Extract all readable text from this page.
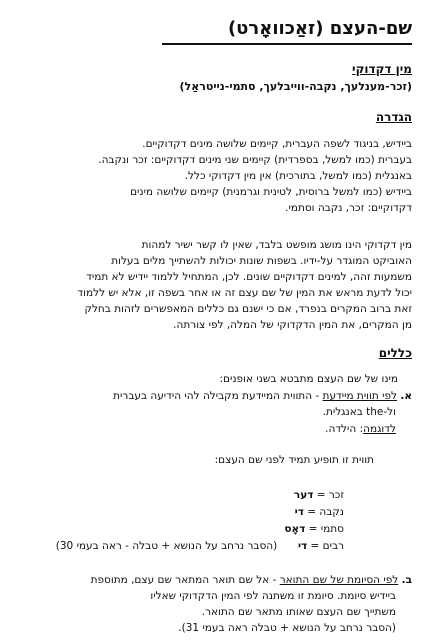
שם-העצם (זאַכוואָרט)
מין דקדוקי
(זכר-מענלעך, נקבה-ווייבלעך, סתמי-נייטראַל)
הגדרה
ביידיש, בניגוד לשפה העברית, קיימים שלושה מינים דקדוקיים.
בעברית (כמו למשל, בספרדית) קיימים שני מינים דקדוקיים: זכר ונקבה.
באנגלית (כמו למשל, בתורכית) אין מין דקדוקי כלל.
ביידיש (כמו למשל ברוסית, לטינית וגרמנית) קיימים שלושה מינים
דקדוקיים: זכר, נקבה וסתמי.
מין דקדוקי הינו מושג מופשט בלבד, שאין לו קשר ישיר למהות
האוביקט המוגדר על-ידיו. בשפות שונות יכולות להשתייך מלים בעלות
משמעות זהה, למינים דקדוקיים שונים. לכן, המתחיל ללמוד יידיש לא תמיד
יכול לדעת מראש את המין של שם עצם זה או אחר בשפה זו, אלא יש ללמוד
זאת ברוב המקרים בנפרד, אם כי ישנם גם כללים המאפשרים לזהות בחלק
מן המקרים, את המין הדקדוקי של המלה, לפי צורתה.
כללים
מינו של שם העצם מתבטא בשני אופנים:
א. לפי תווית מיידעת - התווית המיידעת מקבילה להי הידיעה בעברית
ול-the באנגלית.
לדוגמה: הילדה.
תווית זו תופיע תמיד לפני שם העצם:
זכר = דער
נקבה = די
סתמי = דאָס
רבים = די  (הסבר נרחב על הנושא + טבלה - ראה בעמי 30)
ב. לפי הסיומת של שם התואר - אל שם תואר המתאר שם עצם, מתוספת
ביידיש סיומת. סיומת זו משתנה לפי המין הדקדוקי שאליו
משתייך שם העצם שאותו מתאר שם התואר.
(הסבר נרחב על הנושא + טבלה ראה בעמי 31).
